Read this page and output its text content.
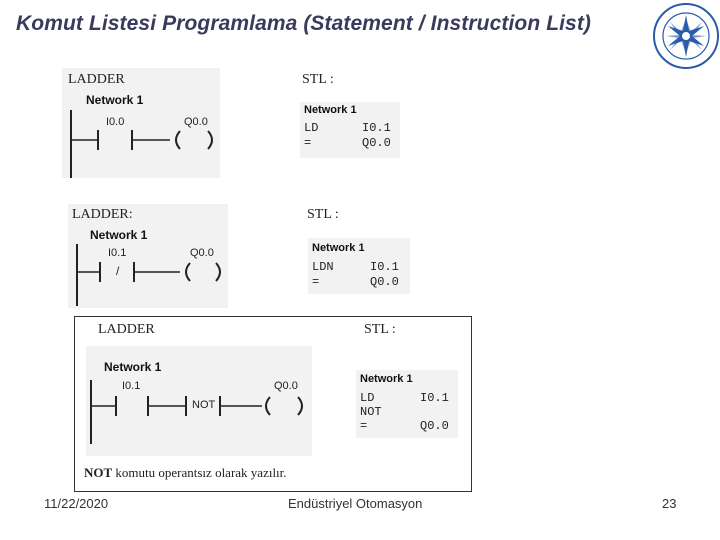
Komut Listesi Programlama (Statement / Instruction List)
LADDER
Network 1
I0.0	Q0.0
STL :
Network 1
LD	I0.1
=	Q0.0
LADDER:
Network 1
I0.1	Q0.0
/
STL :
Network 1
LDN	I0.1
=	Q0.0
LADDER
Network 1
I0.1	Q0.0
NOT
STL :
Network 1
LD	I0.1
NOT
=	Q0.0
NOT komutu operantsız olarak yazılır.
11/22/2020	Endüstriyel Otomasyon	23
